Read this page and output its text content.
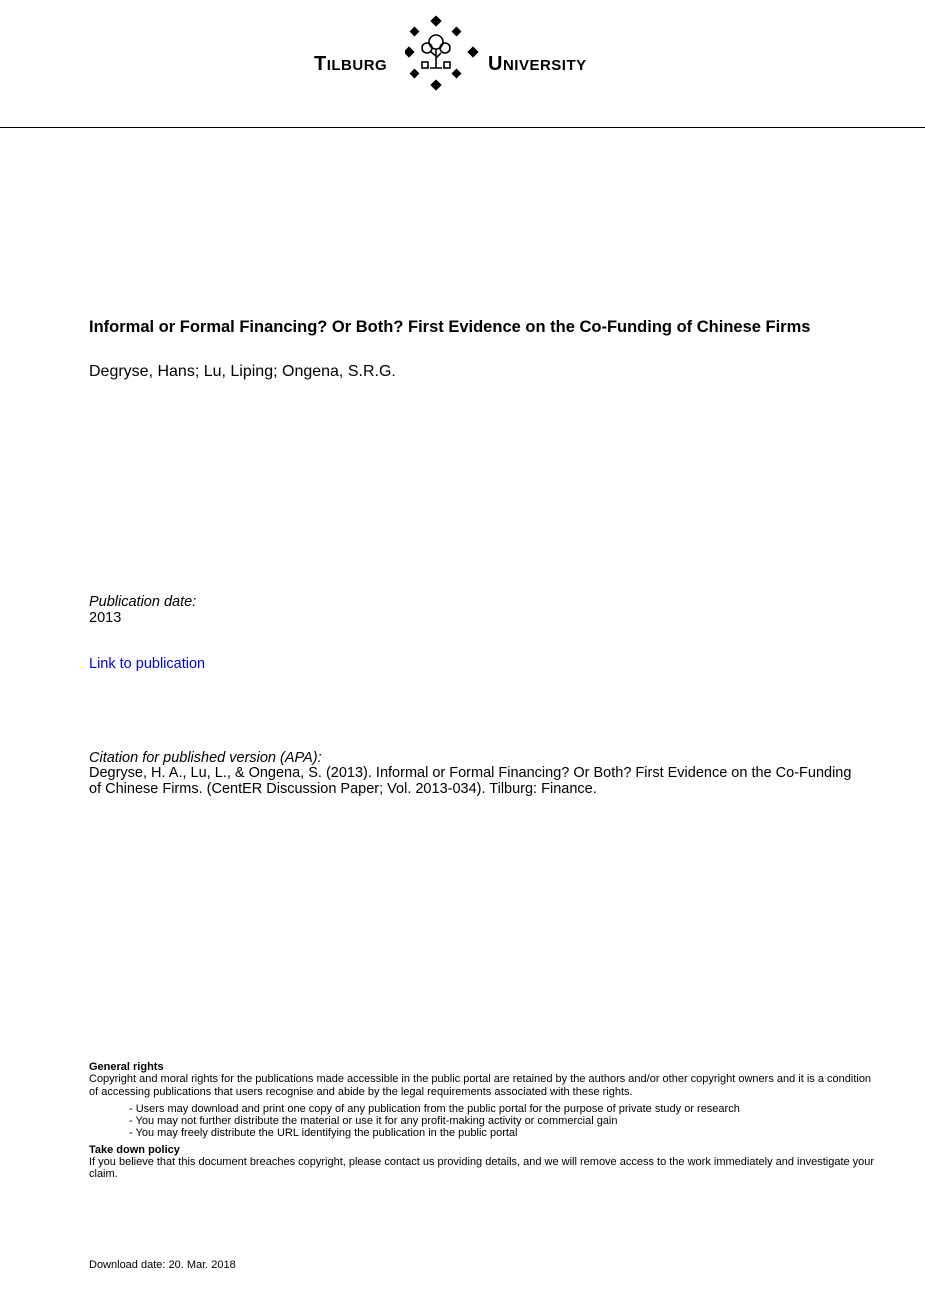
TILBURG	UNIVERSITY
Informal or Formal Financing? Or Both? First Evidence on the Co-Funding of Chinese Firms

Degryse, Hans; Lu, Liping; Ongena, S.R.G.

Publication date:
2013
Link to publication
Citation for published version (APA):

Degryse, H. A., Lu, L., & Ongena, S. (2013). Informal or Formal Financing? Or Both? First Evidence on the Co-Funding of Chinese Firms. (CentER Discussion Paper; Vol. 2013-034). Tilburg: Finance.

General rights

Copyright and moral rights for the publications made accessible in the public portal are retained by the authors and/or other copyright owners and it is a condition of accessing publications that users recognise and abide by the legal requirements associated with these rights.

- Users may download and print one copy of any publication from the public portal for the purpose of private study or research
- You may not further distribute the material or use it for any profit-making activity or commercial gain
- You may freely distribute the URL identifying the publication in the public portal

Take down policy

If you believe that this document breaches copyright, please contact us providing details, and we will remove access to the work immediately and investigate your claim.

Download date: 20. Mar. 2018
